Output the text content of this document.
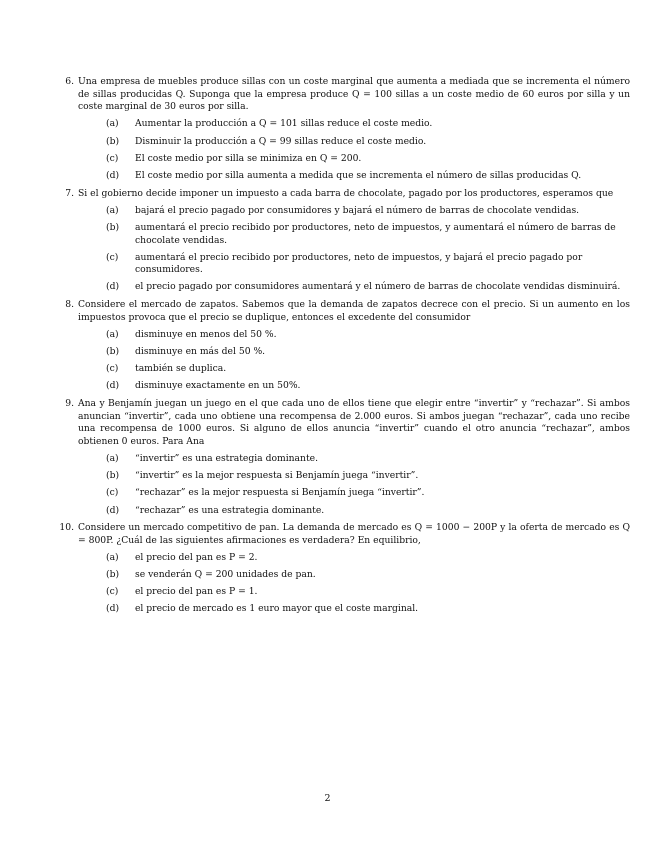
6. Una empresa de muebles produce sillas con un coste marginal que aumenta a mediada que se incrementa el número de sillas producidas Q. Suponga que la empresa produce Q = 100 sillas a un coste medio de 60 euros por silla y un coste marginal de 30 euros por silla.
(a)	Aumentar la producción a Q = 101 sillas reduce el coste medio.
(b)	Disminuir la producción a Q = 99 sillas reduce el coste medio.
(c)	El coste medio por silla se minimiza en Q = 200.
(d)	El coste medio por silla aumenta a medida que se incrementa el número de sillas producidas Q.
7. Si el gobierno decide imponer un impuesto a cada barra de chocolate, pagado por los productores, esperamos que
(a)	bajará el precio pagado por consumidores y bajará el número de barras de chocolate vendidas.
(b)	aumentará el precio recibido por productores, neto de impuestos, y aumentará el número de barras de chocolate vendidas.
(c)	aumentará el precio recibido por productores, neto de impuestos, y bajará el precio pagado por consumidores.
(d)	el precio pagado por consumidores aumentará y el número de barras de chocolate vendidas disminuirá.
8. Considere el mercado de zapatos. Sabemos que la demanda de zapatos decrece con el precio. Si un aumento en los impuestos provoca que el precio se duplique, entonces el excedente del consumidor
(a)	disminuye en menos del 50 %.
(b)	disminuye en más del 50 %.
(c)	también se duplica.
(d)	disminuye exactamente en un 50%.
9. Ana y Benjamín juegan un juego en el que cada uno de ellos tiene que elegir entre “invertir” y “rechazar”. Si ambos anuncian “invertir”, cada uno obtiene una recompensa de 2.000 euros. Si ambos juegan “rechazar”, cada uno recibe una recompensa de 1000 euros. Si alguno de ellos anuncia “invertir” cuando el otro anuncia “rechazar”, ambos obtienen 0 euros. Para Ana
(a)	“invertir” es una estrategia dominante.
(b)	“invertir” es la mejor respuesta si Benjamín juega “invertir”.
(c)	“rechazar” es la mejor respuesta si Benjamín juega “invertir”.
(d)	“rechazar” es una estrategia dominante.
10. Considere un mercado competitivo de pan. La demanda de mercado es Q = 1000 − 200P y la oferta de mercado es Q = 800P. ¿Cuál de las siguientes afirmaciones es verdadera? En equilibrio,
(a)	el precio del pan es P = 2.
(b)	se venderán Q = 200 unidades de pan.
(c)	el precio del pan es P = 1.
(d)	el precio de mercado es 1 euro mayor que el coste marginal.
2
